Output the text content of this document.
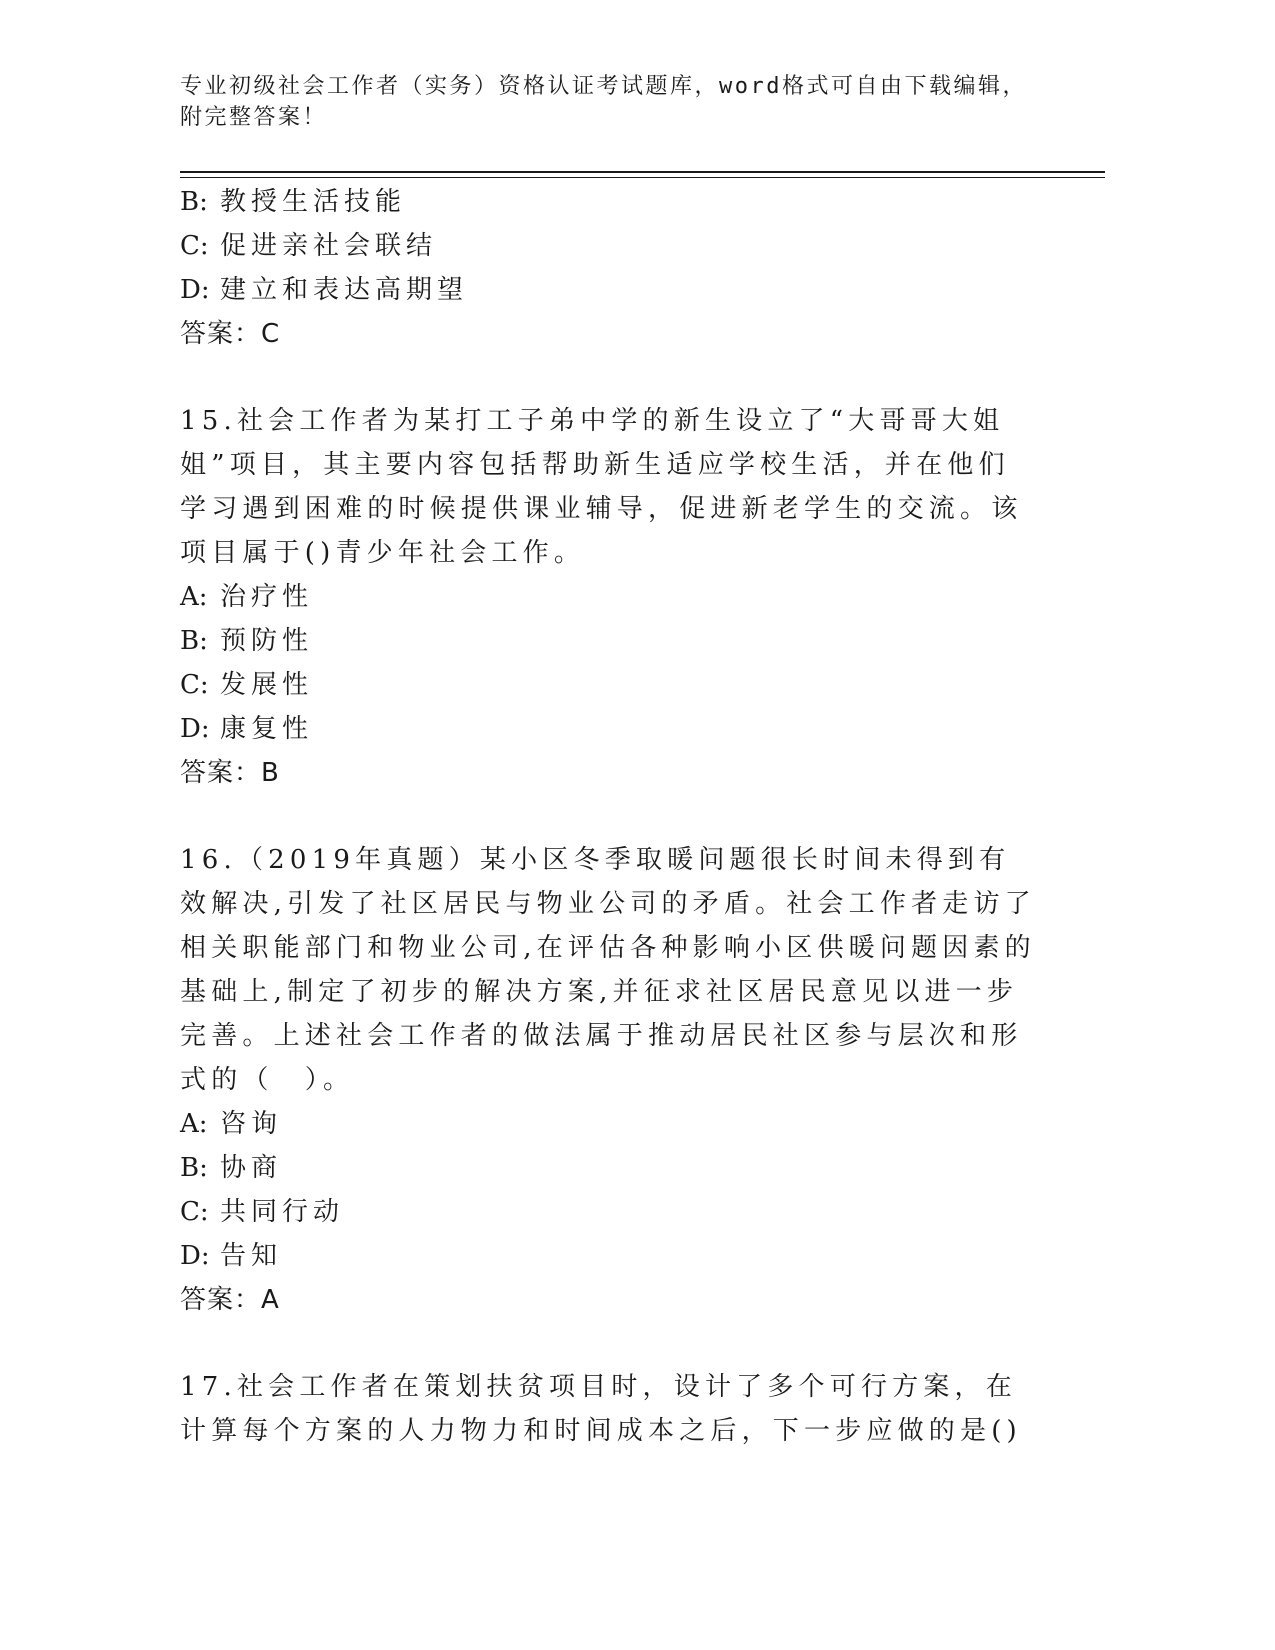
专业初级社会工作者（实务）资格认证考试题库，word格式可自由下载编辑，附完整答案！
B: 教授生活技能
C: 促进亲社会联结
D: 建立和表达高期望
答案：C
15.社会工作者为某打工子弟中学的新生设立了“大哥哥大姐姐”项目，其主要内容包括帮助新生适应学校生活，并在他们学习遇到困难的时候提供课业辅导，促进新老学生的交流。该项目属于()青少年社会工作。
A: 治疗性
B: 预防性
C: 发展性
D: 康复性
答案：B
16.（2019年真题）某小区冬季取暖问题很长时间未得到有效解决,引发了社区居民与物业公司的矛盾。社会工作者走访了相关职能部门和物业公司,在评估各种影响小区供暖问题因素的基础上,制定了初步的解决方案,并征求社区居民意见以进一步完善。上述社会工作者的做法属于推动居民社区参与层次和形式的（　）。
A: 咨询
B: 协商
C: 共同行动
D: 告知
答案：A
17.社会工作者在策划扶贫项目时，设计了多个可行方案，在计算每个方案的人力物力和时间成本之后，下一步应做的是()
